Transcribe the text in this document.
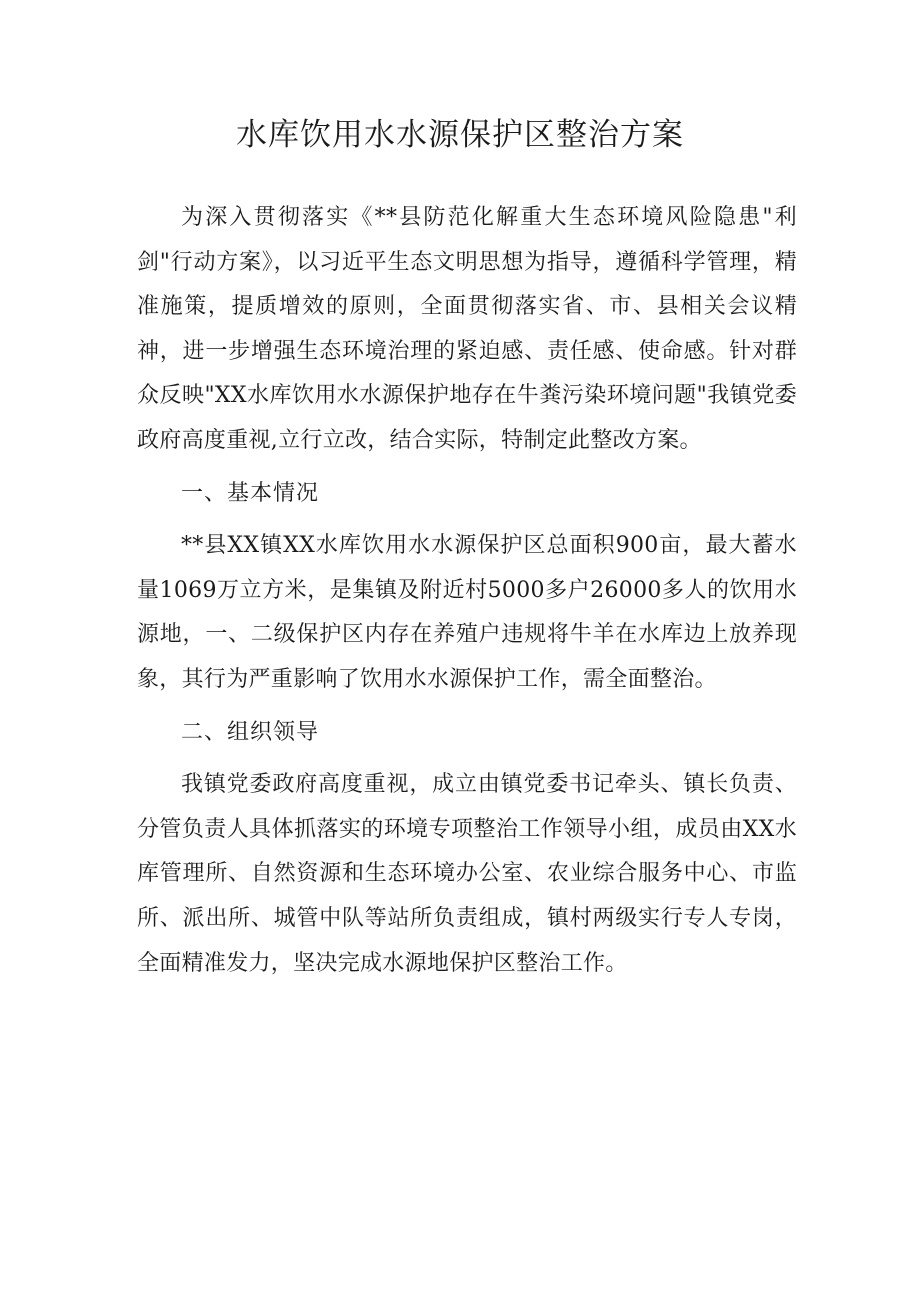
水库饮用水水源保护区整治方案

为深入贯彻落实《**县防范化解重大生态环境风险隐患"利剑"行动方案》，以习近平生态文明思想为指导，遵循科学管理，精准施策，提质增效的原则，全面贯彻落实省、市、县相关会议精神，进一步增强生态环境治理的紧迫感、责任感、使命感。针对群众反映"XX水库饮用水水源保护地存在牛粪污染环境问题"我镇党委政府高度重视,立行立改，结合实际，特制定此整改方案。

一、基本情况

**县XX镇XX水库饮用水水源保护区总面积900亩，最大蓄水量1069万立方米，是集镇及附近村5000多户26000多人的饮用水源地，一、二级保护区内存在养殖户违规将牛羊在水库边上放养现象，其行为严重影响了饮用水水源保护工作，需全面整治。

二、组织领导

我镇党委政府高度重视，成立由镇党委书记牵头、镇长负责、分管负责人具体抓落实的环境专项整治工作领导小组，成员由XX水库管理所、自然资源和生态环境办公室、农业综合服务中心、市监所、派出所、城管中队等站所负责组成，镇村两级实行专人专岗，全面精准发力，坚决完成水源地保护区整治工作。
